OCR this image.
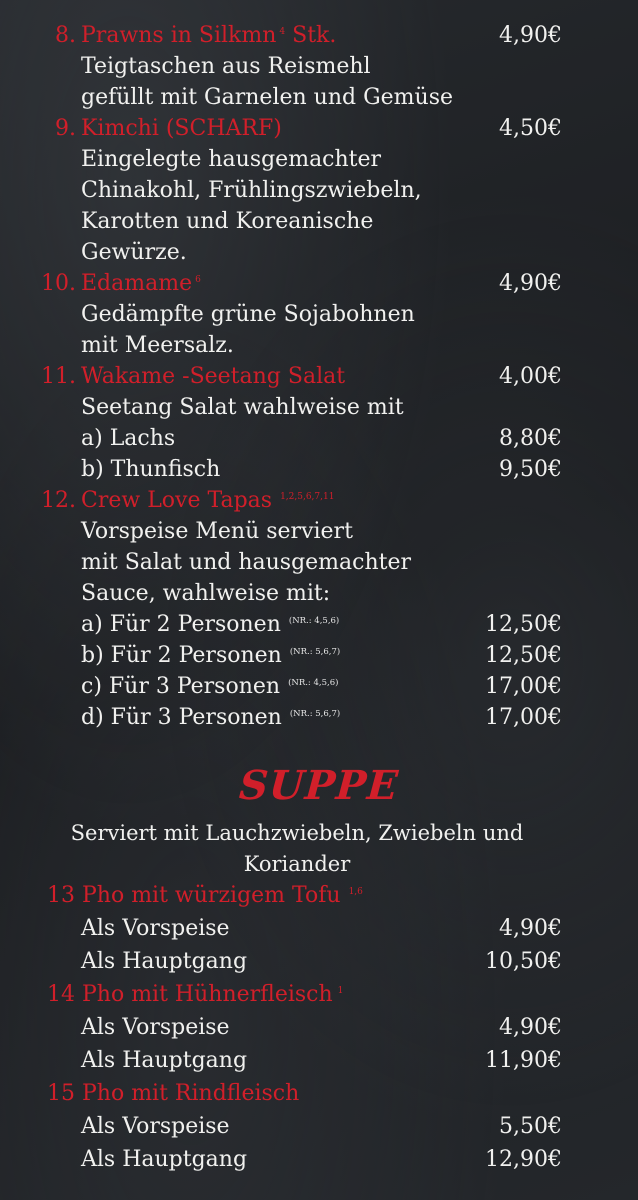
8. Prawns in Silkmn $^4$ Stk.	4,90€
Teigtaschen aus Reismehl
gefüllt mit Garnelen und Gemüse
9. Kimchi (SCHARF)	4,50€
Eingelegte hausgemachter
Chinakohl, Frühlingszwiebeln,
Karotten und Koreanische
Gewürze.
10. Edamame $^6$	4,90€
Gedämpfte grüne Sojabohnen
mit Meersalz.
11. Wakame -Seetang Salat	4,00€
Seetang Salat wahlweise mit
a) Lachs	8,80€
b) Thunfisch	9,50€
12. Crew Love Tapas $^{1,2,5,6,7,11}$
Vorspeise Menü serviert
mit Salat und hausgemachter
Sauce, wahlweise mit:
a) Für 2 Personen $^{(NR.: 4,5,6)}$	12,50€
b) Für 2 Personen $^{(NR.: 5,6,7)}$	12,50€
c) Für 3 Personen $^{(NR.: 4,5,6)}$	17,00€
d) Für 3 Personen $^{(NR.: 5,6,7)}$	17,00€
SUPPE
Serviert mit Lauchzwiebeln, Zwiebeln und
Koriander
13 Pho mit würzigem Tofu $^{1,6}$
Als Vorspeise	4,90€
Als Hauptgang	10,50€
14 Pho mit Hühnerfleisch $^1$
Als Vorspeise	4,90€
Als Hauptgang	11,90€
15 Pho mit Rindfleisch
Als Vorspeise	5,50€
Als Hauptgang	12,90€
